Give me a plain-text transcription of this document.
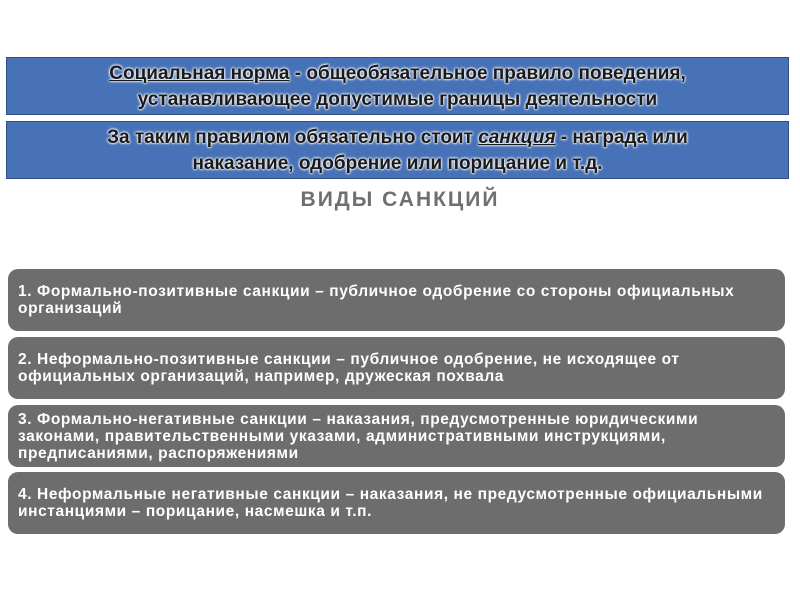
Социальная норма - общеобязательное правило поведения,
устанавливающее допустимые границы деятельности
За таким правилом обязательно стоит санкция - награда или
наказание, одобрение или порицание и т.д.
ВИДЫ САНКЦИЙ
1. Формально-позитивные санкции – публичное одобрение со стороны официальных организаций
2. Неформально-позитивные санкции – публичное одобрение, не исходящее от официальных организаций, например, дружеская похвала
3. Формально-негативные санкции – наказания, предусмотренные юридическими законами, правительственными указами, административными инструкциями, предписаниями, распоряжениями
4. Неформальные негативные санкции – наказания, не предусмотренные официальными инстанциями – порицание, насмешка и т.п.
